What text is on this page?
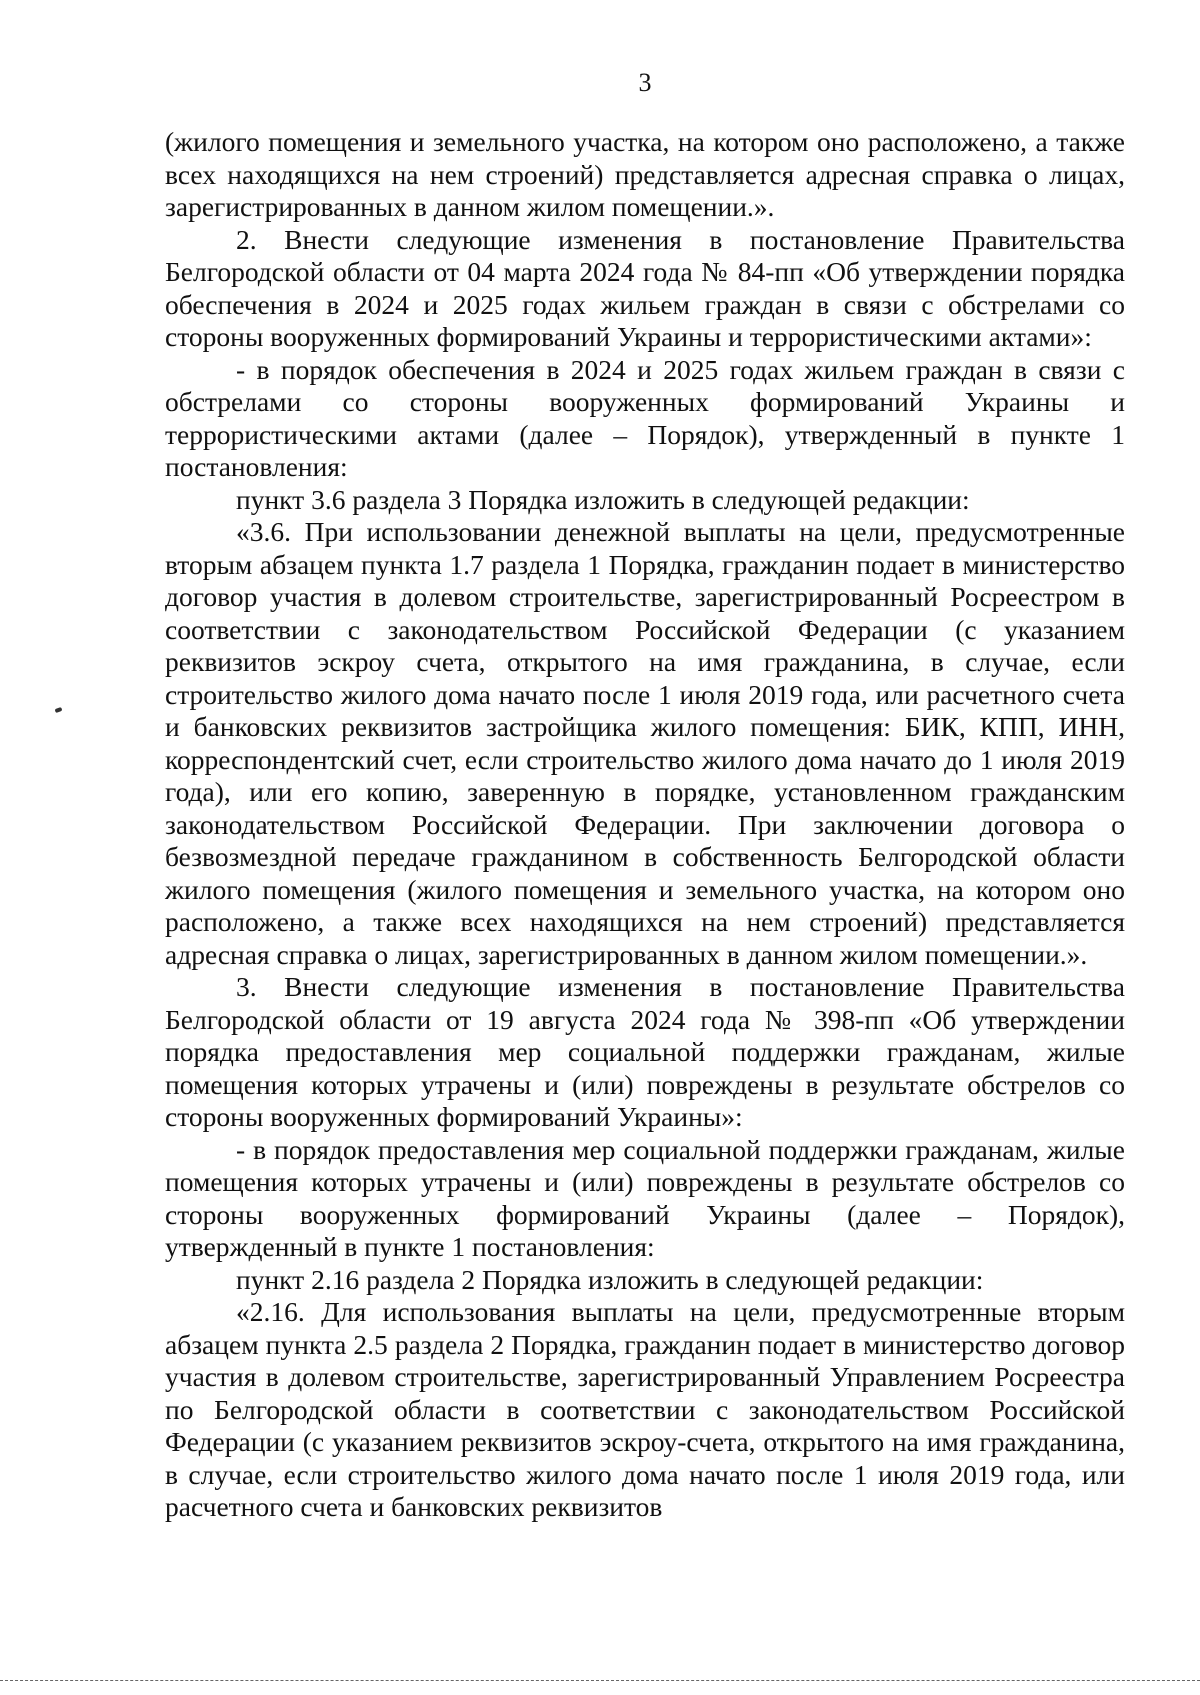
3

(жилого помещения и земельного участка, на котором оно расположено, а также всех находящихся на нем строений) представляется адресная справка о лицах, зарегистрированных в данном жилом помещении.».

2. Внести следующие изменения в постановление Правительства Белгородской области от 04 марта 2024 года № 84-пп «Об утверждении порядка обеспечения в 2024 и 2025 годах жильем граждан в связи с обстрелами со стороны вооруженных формирований Украины и террористическими актами»:

- в порядок обеспечения в 2024 и 2025 годах жильем граждан в связи с обстрелами со стороны вооруженных формирований Украины и террористическими актами (далее – Порядок), утвержденный в пункте 1 постановления:

пункт 3.6 раздела 3 Порядка изложить в следующей редакции:

«3.6. При использовании денежной выплаты на цели, предусмотренные вторым абзацем пункта 1.7 раздела 1 Порядка, гражданин подает в министерство договор участия в долевом строительстве, зарегистрированный Росреестром в соответствии с законодательством Российской Федерации (с указанием реквизитов эскроу счета, открытого на имя гражданина, в случае, если строительство жилого дома начато после 1 июля 2019 года, или расчетного счета и банковских реквизитов застройщика жилого помещения: БИК, КПП, ИНН, корреспондентский счет, если строительство жилого дома начато до 1 июля 2019 года), или его копию, заверенную в порядке, установленном гражданским законодательством Российской Федерации. При заключении договора о безвозмездной передаче гражданином в собственность Белгородской области жилого помещения (жилого помещения и земельного участка, на котором оно расположено, а также всех находящихся на нем строений) представляется адресная справка о лицах, зарегистрированных в данном жилом помещении.».

3. Внести следующие изменения в постановление Правительства Белгородской области от 19 августа 2024 года № 398-пп «Об утверждении порядка предоставления мер социальной поддержки гражданам, жилые помещения которых утрачены и (или) повреждены в результате обстрелов со стороны вооруженных формирований Украины»:

- в порядок предоставления мер социальной поддержки гражданам, жилые помещения которых утрачены и (или) повреждены в результате обстрелов со стороны вооруженных формирований Украины (далее – Порядок), утвержденный в пункте 1 постановления:

пункт 2.16 раздела 2 Порядка изложить в следующей редакции:

«2.16. Для использования выплаты на цели, предусмотренные вторым абзацем пункта 2.5 раздела 2 Порядка, гражданин подает в министерство договор участия в долевом строительстве, зарегистрированный Управлением Росреестра по Белгородской области в соответствии с законодательством Российской Федерации (с указанием реквизитов эскроу-счета, открытого на имя гражданина, в случае, если строительство жилого дома начато после 1 июля 2019 года, или расчетного счета и банковских реквизитов
